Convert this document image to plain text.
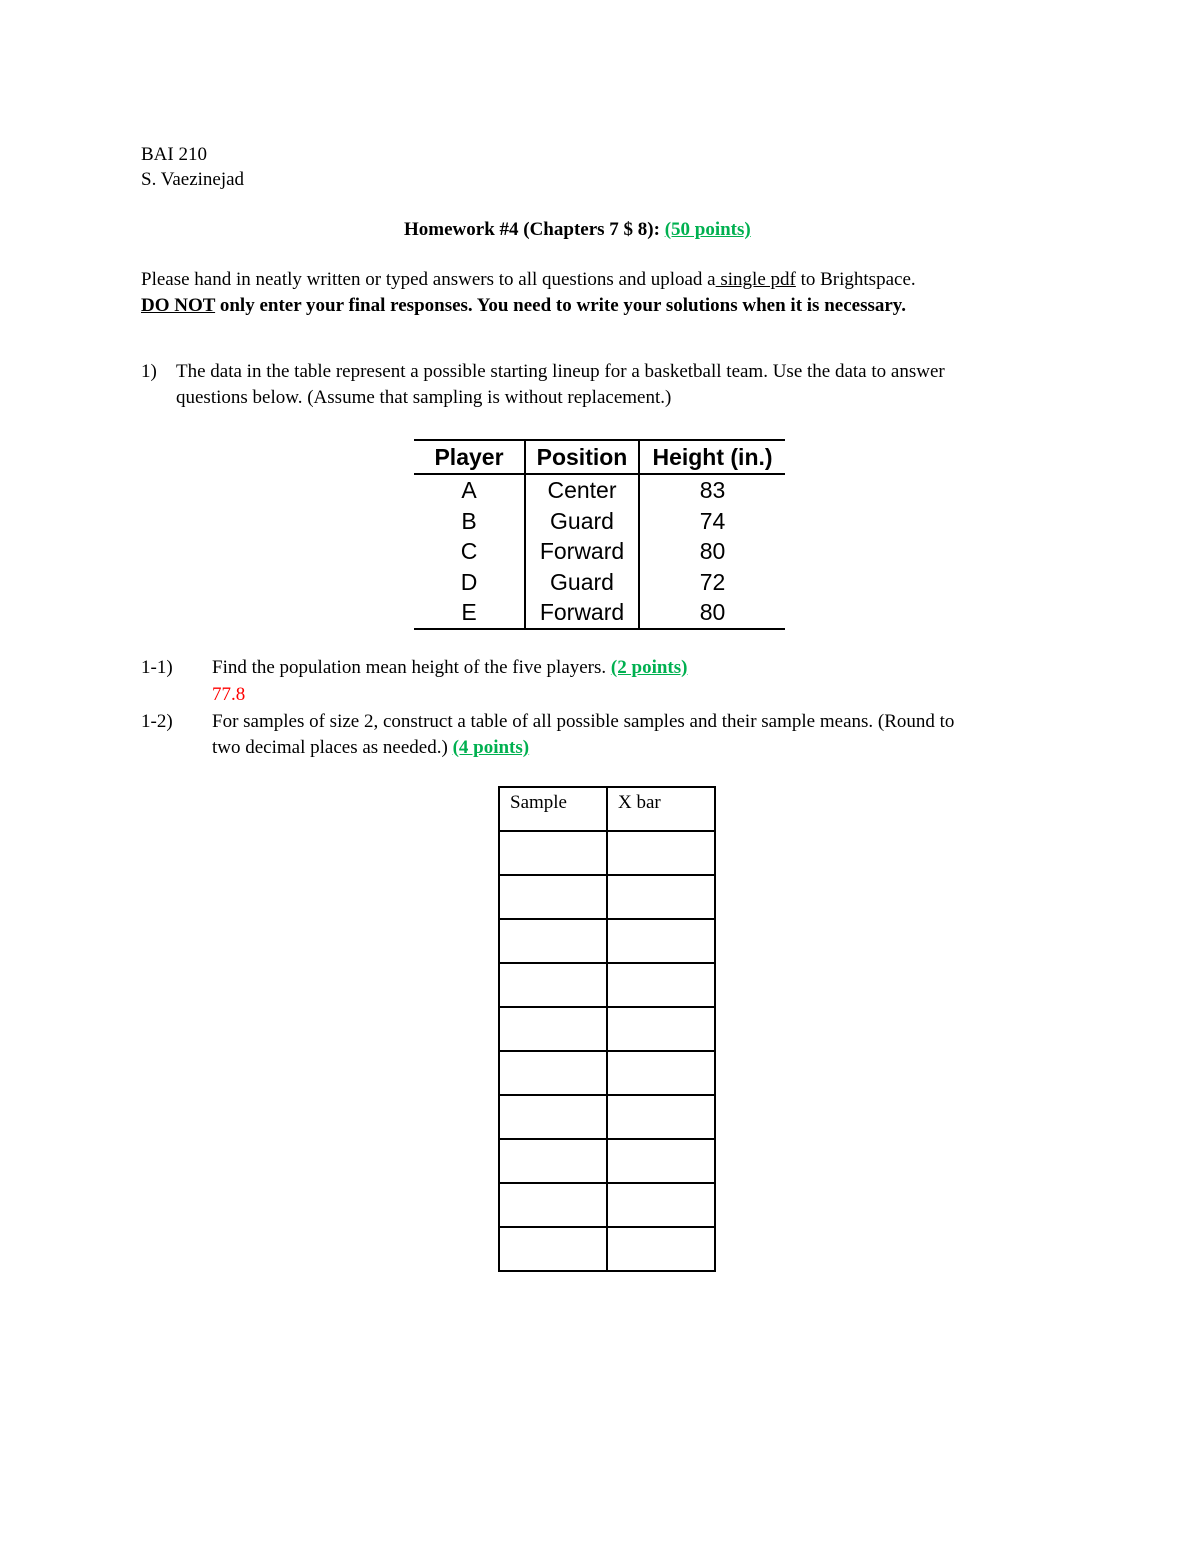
BAI 210
S. Vaezinejad
Homework #4 (Chapters 7 $ 8): (50 points)
Please hand in neatly written or typed answers to all questions and upload a single pdf to Brightspace.
DO NOT only enter your final responses. You need to write your solutions when it is necessary.
1) The data in the table represent a possible starting lineup for a basketball team. Use the data to answer
questions below. (Assume that sampling is without replacement.)
Player	Position	Height (in.)
A	Center	83
B	Guard	74
C	Forward	80
D	Guard	72
E	Forward	80
1-1) Find the population mean height of the five players. (2 points)
77.8
1-2) For samples of size 2, construct a table of all possible samples and their sample means. (Round to
two decimal places as needed.) (4 points)
Sample	X bar
